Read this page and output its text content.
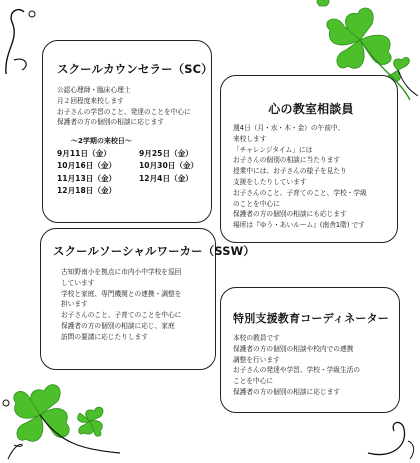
スクールカウンセラー（SC）
公認心理師・臨床心理士
月２回程度来校します
お子さんの学習のこと、発達のことを中心に
保護者の方の個別の相談に応じます
〜2学期の来校日〜
9月11日（金）	9月25日（金）
10月16日（金）	10月30日（金）
11月13日（金）	12月4日（金）
12月18日（金）
心の教室相談員
週4日（月・水・木・金）の午前中、
来校します
「チャレンジタイム」には
お子さんの個別の相談に当たります
授業中には、お子さんの様子を見たり
支援をしたりしています
お子さんのこと、子育てのこと、学校・学級
のことを中心に
保護者の方の個別の相談にも応じます
場所は『ゆう・あいルーム』(南舎1階) です
スクールソーシャルワーカー（SSW）
古知野南小を拠点に市内小中学校を巡回
しています
学校と家庭、専門機関との連携・調整を
担います
お子さんのこと、子育てのことを中心に
保護者の方の個別の相談に応じ、家庭
訪問の要請に応じたりします
特別支援教育コーディネーター
本校の教員です
保護者の方の個別の相談や校内での連携
調整を行います
お子さんの発達や学習、学校・学級生活の
ことを中心に
保護者の方の個別の相談に応じます
